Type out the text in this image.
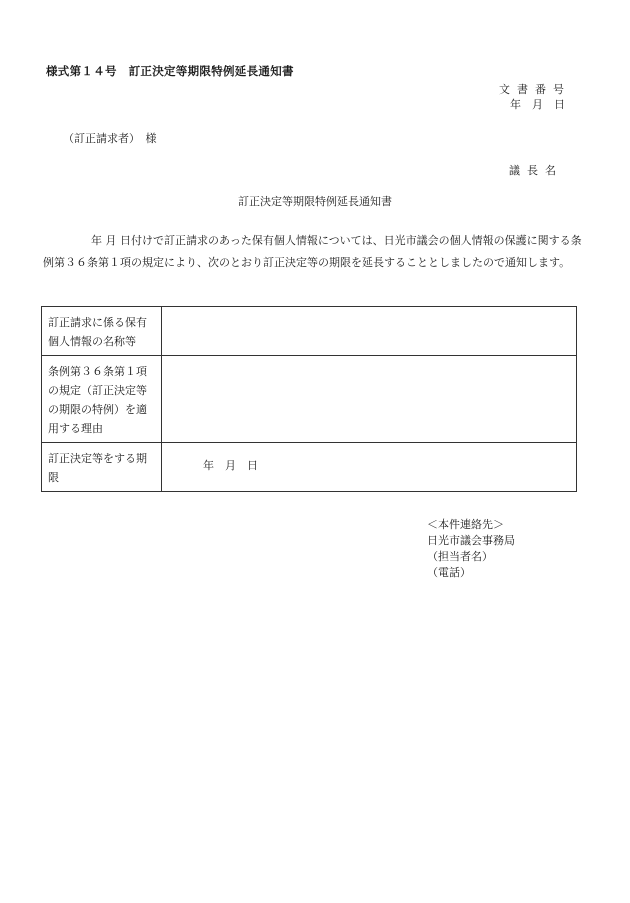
様式第１４号　訂正決定等期限特例延長通知書
文書番号
年　月　日
（訂正請求者）　様
議長名
訂正決定等期限特例延長通知書
年 月 日付けで訂正請求のあった保有個人情報については、日光市議会の個人情報の保護に関する条例第３６条第１項の規定により、次のとおり訂正決定等の期限を延長することとしましたので通知します。
訂正請求に係る保有個人情報の名称等	
条例第３６条第１項の規定（訂正決定等の期限の特例）を適用する理由	
訂正決定等をする期限	年　月　日
＜本件連絡先＞
日光市議会事務局
（担当者名）
（電話）
